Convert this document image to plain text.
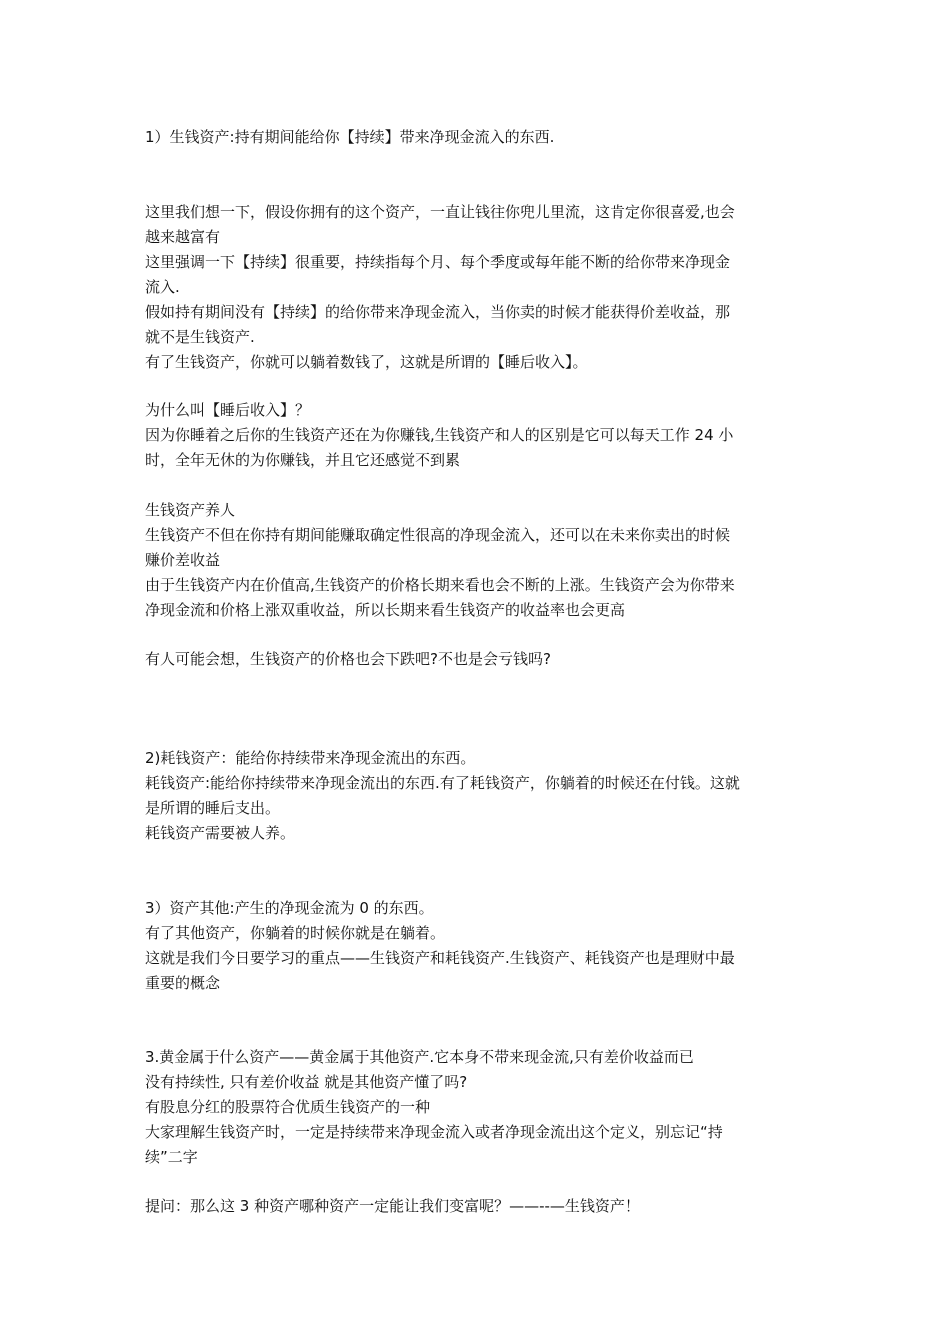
1）生钱资产:持有期间能给你【持续】带来净现金流入的东西.
这里我们想一下，假设你拥有的这个资产，一直让钱往你兜儿里流，这肯定你很喜爱,也会
越来越富有
这里强调一下【持续】很重要，持续指每个月、每个季度或每年能不断的给你带来净现金
流入.
假如持有期间没有【持续】的给你带来净现金流入，当你卖的时候才能获得价差收益，那
就不是生钱资产.
有了生钱资产，你就可以躺着数钱了，这就是所谓的【睡后收入】。
为什么叫【睡后收入】？
因为你睡着之后你的生钱资产还在为你赚钱,生钱资产和人的区别是它可以每天工作 24 小
时，全年无休的为你赚钱，并且它还感觉不到累
生钱资产养人
生钱资产不但在你持有期间能赚取确定性很高的净现金流入，还可以在未来你卖出的时候
赚价差收益
由于生钱资产内在价值高,生钱资产的价格长期来看也会不断的上涨。生钱资产会为你带来
净现金流和价格上涨双重收益，所以长期来看生钱资产的收益率也会更高
有人可能会想，生钱资产的价格也会下跌吧?不也是会亏钱吗?
2)耗钱资产：能给你持续带来净现金流出的东西。
耗钱资产:能给你持续带来净现金流出的东西.有了耗钱资产，你躺着的时候还在付钱。这就
是所谓的睡后支出。
耗钱资产需要被人养。
3）资产其他:产生的净现金流为 0 的东西。
有了其他资产，你躺着的时候你就是在躺着。
这就是我们今日要学习的重点——生钱资产和耗钱资产.生钱资产、耗钱资产也是理财中最
重要的概念
3.黄金属于什么资产——黄金属于其他资产.它本身不带来现金流,只有差价收益而已
没有持续性, 只有差价收益 就是其他资产懂了吗?
有股息分红的股票符合优质生钱资产的一种
大家理解生钱资产时，一定是持续带来净现金流入或者净现金流出这个定义，别忘记“持
续”二字
提问：那么这 3 种资产哪种资产一定能让我们变富呢？——--—生钱资产！
